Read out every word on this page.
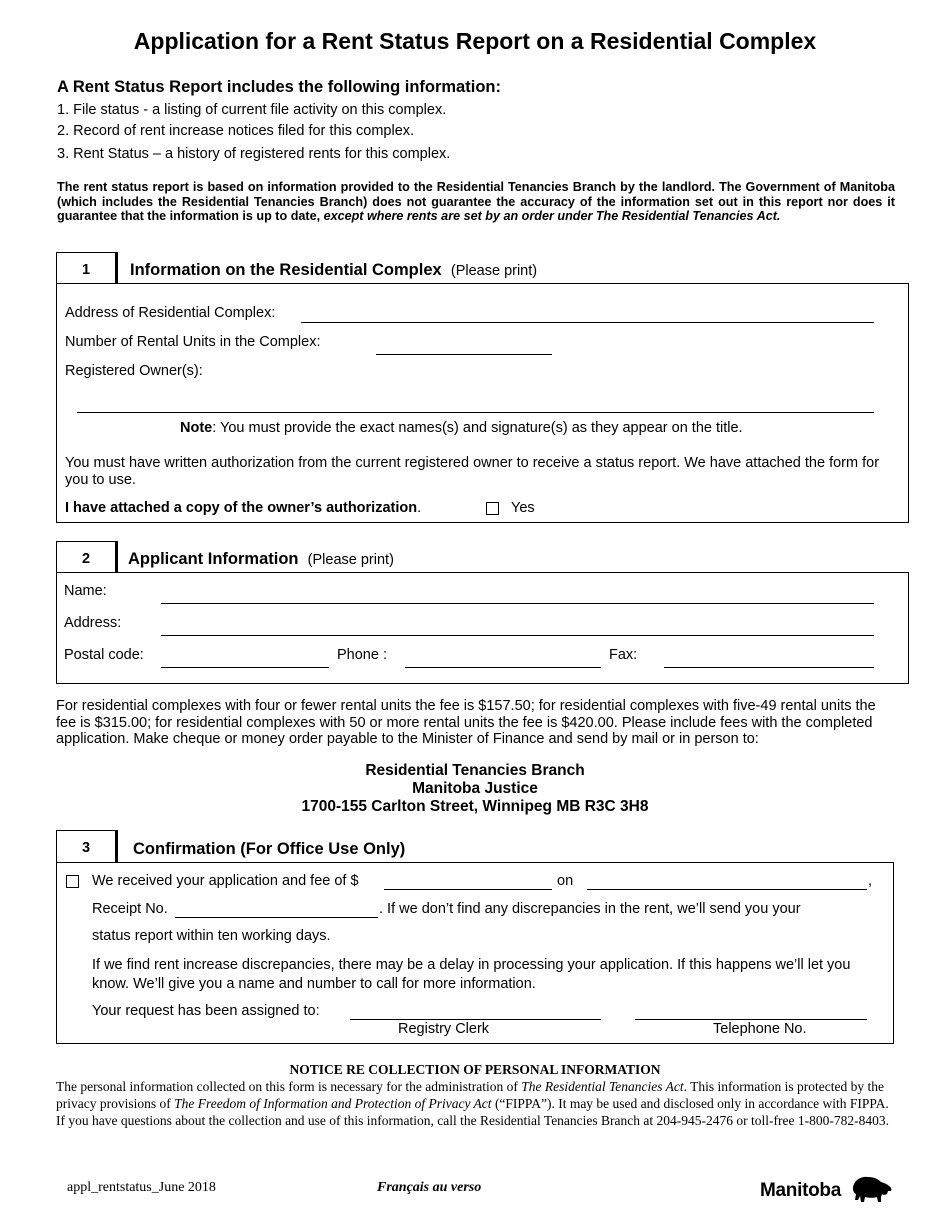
Application for a Rent Status Report on a Residential Complex
A Rent Status Report includes the following information:
1. File status - a listing of current file activity on this complex.
2. Record of rent increase notices filed for this complex.
3. Rent Status – a history of registered rents for this complex.
The rent status report is based on information provided to the Residential Tenancies Branch by the landlord. The Government of Manitoba (which includes the Residential Tenancies Branch) does not guarantee the accuracy of the information set out in this report nor does it guarantee that the information is up to date, except where rents are set by an order under The Residential Tenancies Act.
1	Information on the Residential Complex (Please print)
Address of Residential Complex:
Number of Rental Units in the Complex:
Registered Owner(s):
Note: You must provide the exact names(s) and signature(s) as they appear on the title.
You must have written authorization from the current registered owner to receive a status report. We have attached the form for you to use.
I have attached a copy of the owner’s authorization.	Yes
2	Applicant Information (Please print)
Name:
Address:
Postal code:	Phone :	Fax:
For residential complexes with four or fewer rental units the fee is $157.50; for residential complexes with five-49 rental units the fee is $315.00; for residential complexes with 50 or more rental units the fee is $420.00. Please include fees with the completed application. Make cheque or money order payable to the Minister of Finance and send by mail or in person to:
Residential Tenancies Branch
Manitoba Justice
1700-155 Carlton Street, Winnipeg MB R3C 3H8
3	Confirmation (For Office Use Only)
We received your application and fee of $	on	,
Receipt No.	. If we don’t find any discrepancies in the rent, we’ll send you your
status report within ten working days.
If we find rent increase discrepancies, there may be a delay in processing your application. If this happens we’ll let you know. We’ll give you a name and number to call for more information.
Your request has been assigned to:
Registry Clerk	Telephone No.
NOTICE RE COLLECTION OF PERSONAL INFORMATION
The personal information collected on this form is necessary for the administration of The Residential Tenancies Act. This information is protected by the privacy provisions of The Freedom of Information and Protection of Privacy Act (“FIPPA”). It may be used and disclosed only in accordance with FIPPA. If you have questions about the collection and use of this information, call the Residential Tenancies Branch at 204-945-2476 or toll-free 1-800-782-8403.
appl_rentstatus_June 2018	Français au verso	Manitoba
